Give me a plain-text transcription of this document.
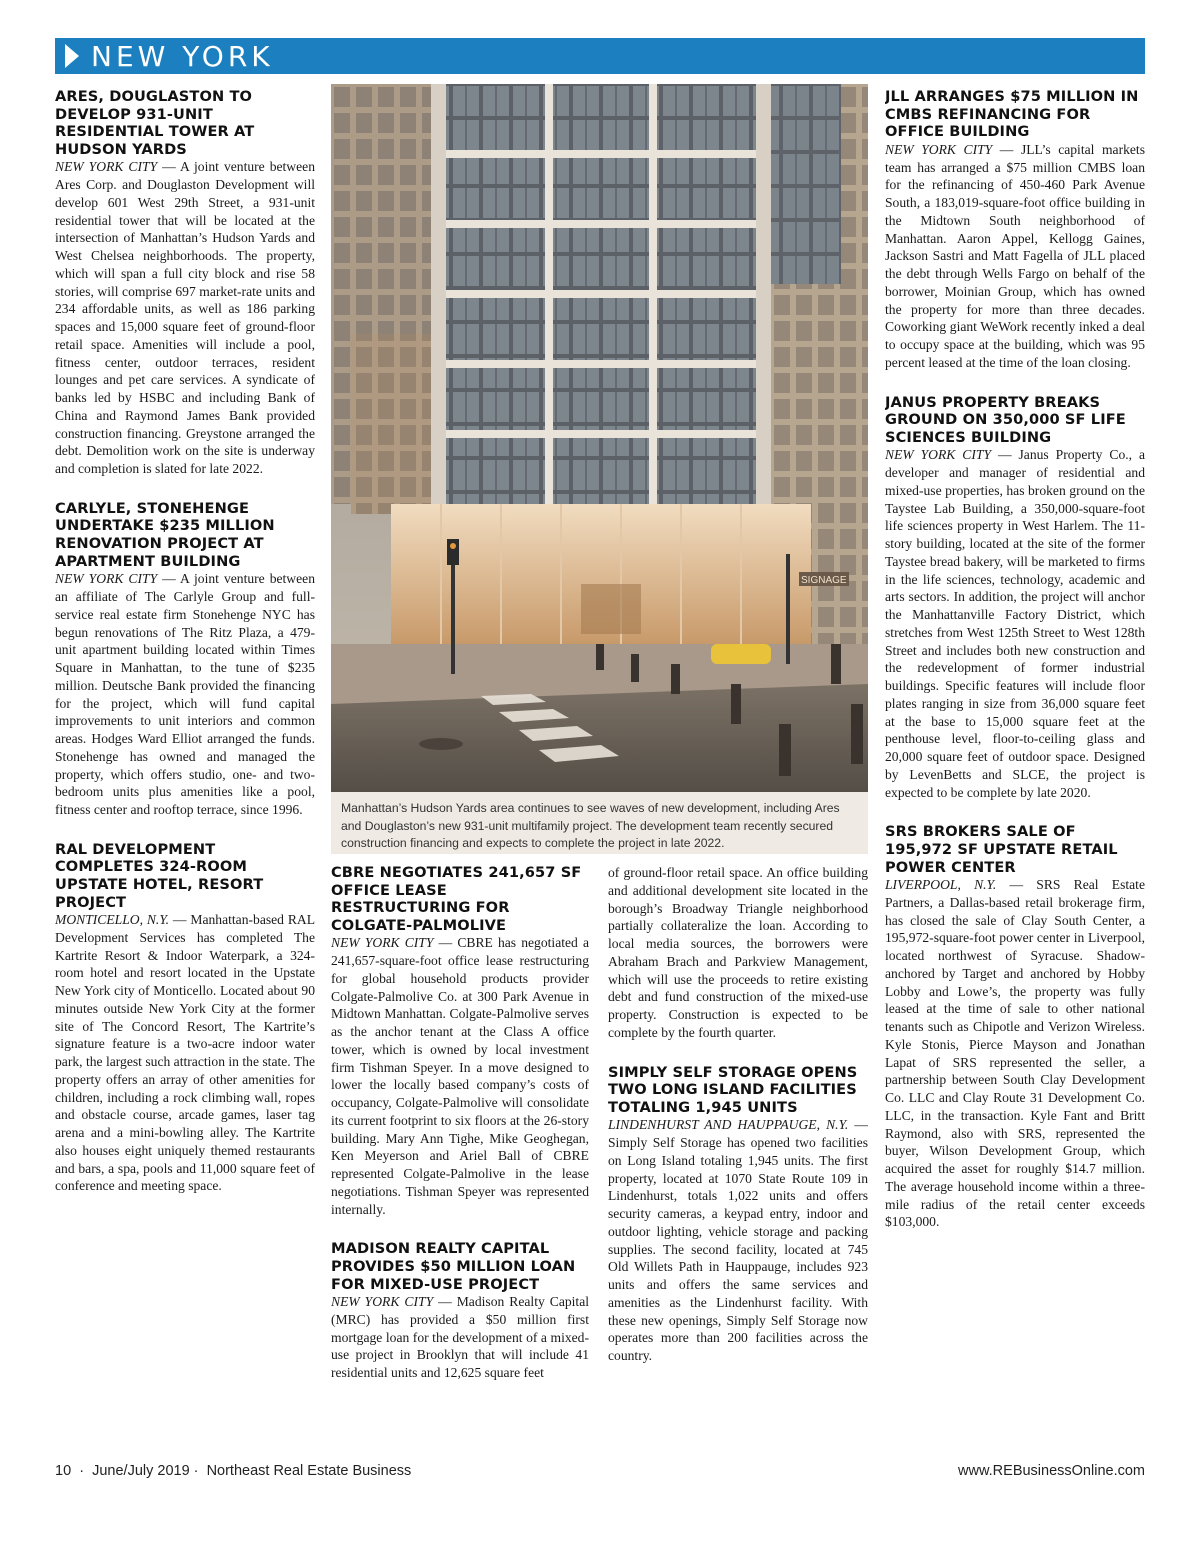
NEW YORK
ARES, DOUGLASTON TO DEVELOP 931-UNIT RESIDENTIAL TOWER AT HUDSON YARDS
NEW YORK CITY — A joint venture between Ares Corp. and Douglaston Development will develop 601 West 29th Street, a 931-unit residential tower that will be located at the intersection of Manhattan’s Hudson Yards and West Chelsea neighborhoods. The property, which will span a full city block and rise 58 stories, will comprise 697 market-rate units and 234 affordable units, as well as 186 parking spaces and 15,000 square feet of ground-floor retail space. Amenities will include a pool, fitness center, outdoor terraces, resident lounges and pet care services. A syndicate of banks led by HSBC and including Bank of China and Raymond James Bank provided construction financing. Greystone arranged the debt. Demolition work on the site is underway and completion is slated for late 2022.
CARLYLE, STONEHENGE UNDERTAKE $235 MILLION RENOVATION PROJECT AT APARTMENT BUILDING
NEW YORK CITY — A joint venture between an affiliate of The Carlyle Group and full-service real estate firm Stonehenge NYC has begun renovations of The Ritz Plaza, a 479-unit apartment building located within Times Square in Manhattan, to the tune of $235 million. Deutsche Bank provided the financing for the project, which will fund capital improvements to unit interiors and common areas. Hodges Ward Elliot arranged the funds. Stonehenge has owned and managed the property, which offers studio, one- and two-bedroom units plus amenities like a pool, fitness center and rooftop terrace, since 1996.
RAL DEVELOPMENT COMPLETES 324-ROOM UPSTATE HOTEL, RESORT PROJECT
MONTICELLO, N.Y. — Manhattan-based RAL Development Services has completed The Kartrite Resort & Indoor Waterpark, a 324-room hotel and resort located in the Upstate New York city of Monticello. Located about 90 minutes outside New York City at the former site of The Concord Resort, The Kartrite’s signature feature is a two-acre indoor water park, the largest such attraction in the state. The property offers an array of other amenities for children, including a rock climbing wall, ropes and obstacle course, arcade games, laser tag arena and a mini-bowling alley. The Kartrite also houses eight uniquely themed restaurants and bars, a spa, pools and 11,000 square feet of conference and meeting space.
SIGNAGE
Manhattan’s Hudson Yards area continues to see waves of new development, including Ares and Douglaston’s new 931-unit multifamily project. The development team recently secured construction financing and expects to complete the project in late 2022.
CBRE NEGOTIATES 241,657 SF OFFICE LEASE RESTRUCTURING FOR COLGATE-PALMOLIVE
NEW YORK CITY — CBRE has negotiated a 241,657-square-foot office lease restructuring for global household products provider Colgate-Palmolive Co. at 300 Park Avenue in Midtown Manhattan. Colgate-Palmolive serves as the anchor tenant at the Class A office tower, which is owned by local investment firm Tishman Speyer. In a move designed to lower the locally based company’s costs of occupancy, Colgate-Palmolive will consolidate its current footprint to six floors at the 26-story building. Mary Ann Tighe, Mike Geoghegan, Ken Meyerson and Ariel Ball of CBRE represented Colgate-Palmolive in the lease negotiations. Tishman Speyer was represented internally.
MADISON REALTY CAPITAL PROVIDES $50 MILLION LOAN FOR MIXED-USE PROJECT
NEW YORK CITY — Madison Realty Capital (MRC) has provided a $50 million first mortgage loan for the development of a mixed-use project in Brooklyn that will include 41 residential units and 12,625 square feet
of ground-floor retail space. An office building and additional development site located in the borough’s Broadway Triangle neighborhood partially collateralize the loan. According to local media sources, the borrowers were Abraham Brach and Parkview Management, which will use the proceeds to retire existing debt and fund construction of the mixed-use property. Construction is expected to be complete by the fourth quarter.
SIMPLY SELF STORAGE OPENS TWO LONG ISLAND FACILITIES TOTALING 1,945 UNITS
LINDENHURST AND HAUPPAUGE, N.Y. — Simply Self Storage has opened two facilities on Long Island totaling 1,945 units. The first property, located at 1070 State Route 109 in Lindenhurst, totals 1,022 units and offers security cameras, a keypad entry, indoor and outdoor lighting, vehicle storage and packing supplies. The second facility, located at 745 Old Willets Path in Hauppauge, includes 923 units and offers the same services and amenities as the Lindenhurst facility. With these new openings, Simply Self Storage now operates more than 200 facilities across the country.
JLL ARRANGES $75 MILLION IN CMBS REFINANCING FOR OFFICE BUILDING
NEW YORK CITY — JLL’s capital markets team has arranged a $75 million CMBS loan for the refinancing of 450-460 Park Avenue South, a 183,019-square-foot office building in the Midtown South neighborhood of Manhattan. Aaron Appel, Kellogg Gaines, Jackson Sastri and Matt Fagella of JLL placed the debt through Wells Fargo on behalf of the borrower, Moinian Group, which has owned the property for more than three decades. Coworking giant WeWork recently inked a deal to occupy space at the building, which was 95 percent leased at the time of the loan closing.
JANUS PROPERTY BREAKS GROUND ON 350,000 SF LIFE SCIENCES BUILDING
NEW YORK CITY — Janus Property Co., a developer and manager of residential and mixed-use properties, has broken ground on the Taystee Lab Building, a 350,000-square-foot life sciences property in West Harlem. The 11-story building, located at the site of the former Taystee bread bakery, will be marketed to firms in the life sciences, technology, academic and arts sectors. In addition, the project will anchor the Manhattanville Factory District, which stretches from West 125th Street to West 128th Street and includes both new construction and the redevelopment of former industrial buildings. Specific features will include floor plates ranging in size from 36,000 square feet at the base to 15,000 square feet at the penthouse level, floor-to-ceiling glass and 20,000 square feet of outdoor space. Designed by LevenBetts and SLCE, the project is expected to be complete by late 2020.
SRS BROKERS SALE OF 195,972 SF UPSTATE RETAIL POWER CENTER
LIVERPOOL, N.Y. — SRS Real Estate Partners, a Dallas-based retail brokerage firm, has closed the sale of Clay South Center, a 195,972-square-foot power center in Liverpool, located northwest of Syracuse. Shadow-anchored by Target and anchored by Hobby Lobby and Lowe’s, the property was fully leased at the time of sale to other national tenants such as Chipotle and Verizon Wireless. Kyle Stonis, Pierce Mayson and Jonathan Lapat of SRS represented the seller, a partnership between South Clay Development Co. LLC and Clay Route 31 Development Co. LLC, in the transaction. Kyle Fant and Britt Raymond, also with SRS, represented the buyer, Wilson Development Group, which acquired the asset for roughly $14.7 million. The average household income within a three-mile radius of the retail center exceeds $103,000.
10  ·  June/July 2019 ·  Northeast Real Estate Business	www.REBusinessOnline.com
